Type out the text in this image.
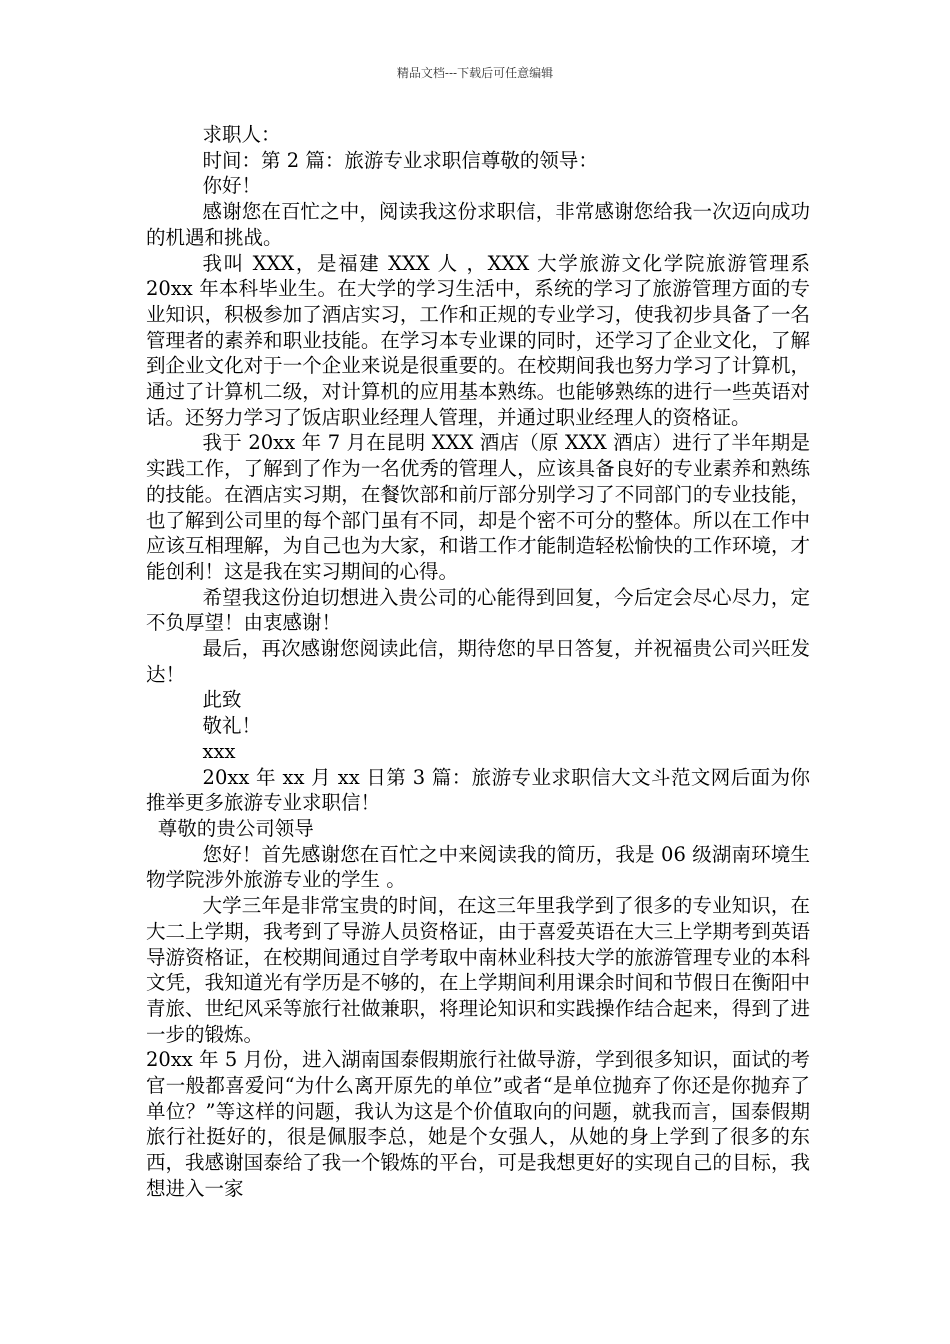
精品文档---下载后可任意编辑

求职人：

时间：第 2 篇：旅游专业求职信尊敬的领导：

你好！

感谢您在百忙之中，阅读我这份求职信，非常感谢您给我一次迈向成功的机遇和挑战。

我叫 XXX，是福建 XXX 人 ，XXX 大学旅游文化学院旅游管理系 20xx 年本科毕业生。在大学的学习生活中，系统的学习了旅游管理方面的专业知识，积极参加了酒店实习，工作和正规的专业学习，使我初步具备了一名管理者的素养和职业技能。在学习本专业课的同时，还学习了企业文化，了解到企业文化对于一个企业来说是很重要的。在校期间我也努力学习了计算机，通过了计算机二级，对计算机的应用基本熟练。也能够熟练的进行一些英语对话。还努力学习了饭店职业经理人管理，并通过职业经理人的资格证。

我于 20xx 年 7 月在昆明 XXX 酒店（原 XXX 酒店）进行了半年期是实践工作，了解到了作为一名优秀的管理人，应该具备良好的专业素养和熟练的技能。在酒店实习期，在餐饮部和前厅部分别学习了不同部门的专业技能，也了解到公司里的每个部门虽有不同，却是个密不可分的整体。所以在工作中应该互相理解，为自己也为大家，和谐工作才能制造轻松愉快的工作环境，才能创利！这是我在实习期间的心得。

希望我这份迫切想进入贵公司的心能得到回复，今后定会尽心尽力，定不负厚望！由衷感谢！

最后，再次感谢您阅读此信，期待您的早日答复，并祝福贵公司兴旺发达！

此致

敬礼！

xxx

20xx 年 xx 月 xx 日第 3 篇：旅游专业求职信大文斗范文网后面为你推举更多旅游专业求职信！

尊敬的贵公司领导

您好！首先感谢您在百忙之中来阅读我的简历，我是 06 级湖南环境生物学院涉外旅游专业的学生 。

大学三年是非常宝贵的时间，在这三年里我学到了很多的专业知识，在大二上学期，我考到了导游人员资格证，由于喜爱英语在大三上学期考到英语导游资格证，在校期间通过自学考取中南林业科技大学的旅游管理专业的本科文凭，我知道光有学历是不够的，在上学期间利用课余时间和节假日在衡阳中青旅、世纪风采等旅行社做兼职，将理论知识和实践操作结合起来，得到了进一步的锻炼。

20xx 年 5 月份，进入湖南国泰假期旅行社做导游，学到很多知识，面试的考官一般都喜爱问“为什么离开原先的单位”或者“是单位抛弃了你还是你抛弃了单位？”等这样的问题，我认为这是个价值取向的问题，就我而言，国泰假期旅行社挺好的，很是佩服李总，她是个女强人，从她的身上学到了很多的东西，我感谢国泰给了我一个锻炼的平台，可是我想更好的实现自己的目标，我想进入一家
